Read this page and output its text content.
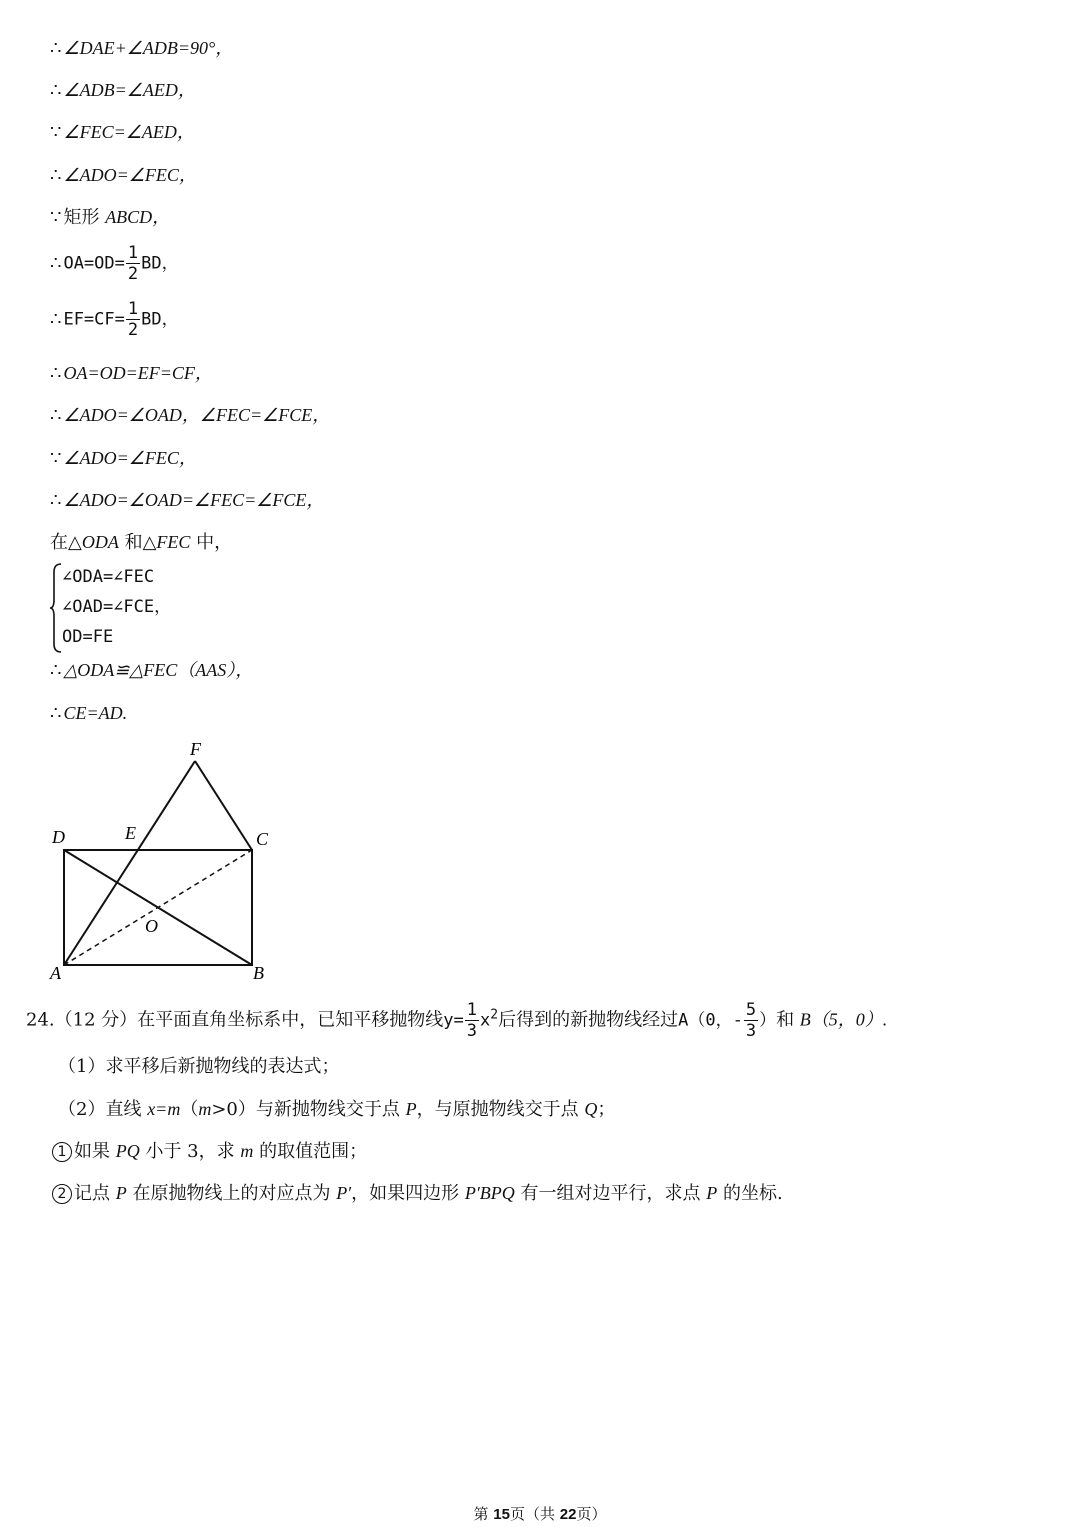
∴ ∠DAE+∠ADB=90°，
∴ ∠ADB=∠AED，
∵ ∠FEC=∠AED，
∴ ∠ADO=∠FEC，
∵ 矩形 ABCD，
∴ $OA=OD= \frac{1}{2}$ BD，
∴ $EF=CF= \frac{1}{2}$ BD，
∴ OA=OD=EF=CF，
∴ ∠ADO=∠OAD，∠FEC=∠FCE，
∵ ∠ADO=∠FEC，
∴ ∠ADO=∠OAD=∠FEC=∠FCE，
在△ODA 和△FEC 中，
∠ODA=∠FEC
∠OAD=∠FCE，
OD=FE
∴ △ODA≌△FEC（AAS），
∴ CE=AD.
D	E
F
C
O
A	B
24.（12 分）在平面直角坐标系中，已知平移抛物线$y= \frac{1}{3} x^2$后得到的新抛物线经过A（0，- $\frac{5}{3}$ ）和 B（5，0）.
（1）求平移后新抛物线的表达式；
（2）直线 x=m（m>0）与新抛物线交于点 P，与原抛物线交于点 Q；
1 如果 PQ 小于 3，求 m 的取值范围；
2 记点 P 在原抛物线上的对应点为 P′，如果四边形 P′BPQ 有一组对边平行，求点 P 的坐标.
第 15页（共 22页）
